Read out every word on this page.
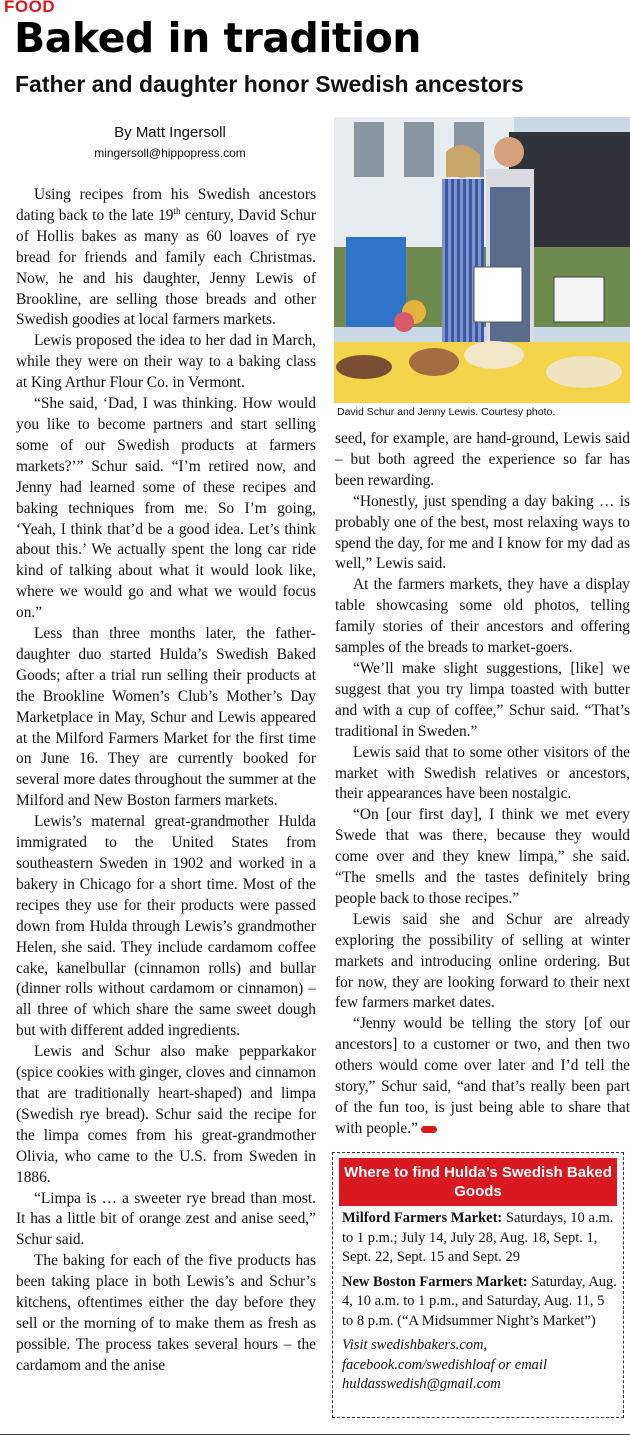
FOOD
Baked in tradition
Father and daughter honor Swedish ancestors
By Matt Ingersoll
mingersoll@hippopress.com

Using recipes from his Swedish ancestors dating back to the late 19th century, David Schur of Hollis bakes as many as 60 loaves of rye bread for friends and family each Christmas. Now, he and his daughter, Jenny Lewis of Brookline, are selling those breads and other Swedish goodies at local farmers markets.

Lewis proposed the idea to her dad in March, while they were on their way to a baking class at King Arthur Flour Co. in Vermont.

“She said, ‘Dad, I was thinking. How would you like to become partners and start selling some of our Swedish products at farmers markets?’” Schur said. “I’m retired now, and Jenny had learned some of these recipes and baking techniques from me. So I’m going, ‘Yeah, I think that’d be a good idea. Let’s think about this.’ We actually spent the long car ride kind of talking about what it would look like, where we would go and what we would focus on.”

Less than three months later, the father-daughter duo started Hulda’s Swedish Baked Goods; after a trial run selling their products at the Brookline Women’s Club’s Mother’s Day Marketplace in May, Schur and Lewis appeared at the Milford Farmers Market for the first time on June 16. They are currently booked for several more dates throughout the summer at the Milford and New Boston farmers markets.

Lewis’s maternal great-grandmother Hulda immigrated to the United States from southeastern Sweden in 1902 and worked in a bakery in Chicago for a short time. Most of the recipes they use for their products were passed down from Hulda through Lewis’s grandmother Helen, she said. They include cardamom coffee cake, kanelbullar (cinnamon rolls) and bullar (dinner rolls without cardamom or cinnamon) – all three of which share the same sweet dough but with different added ingredients.

Lewis and Schur also make pepparkakor (spice cookies with ginger, cloves and cinnamon that are traditionally heart-shaped) and limpa (Swedish rye bread). Schur said the recipe for the limpa comes from his great-grandmother Olivia, who came to the U.S. from Sweden in 1886.

“Limpa is … a sweeter rye bread than most. It has a little bit of orange zest and anise seed,” Schur said.

The baking for each of the five products has been taking place in both Lewis’s and Schur’s kitchens, oftentimes either the day before they sell or the morning of to make them as fresh as possible. The process takes several hours – the cardamom and the anise

David Schur and Jenny Lewis. Courtesy photo.

seed, for example, are hand-ground, Lewis said – but both agreed the experience so far has been rewarding.

“Honestly, just spending a day baking … is probably one of the best, most relaxing ways to spend the day, for me and I know for my dad as well,” Lewis said.

At the farmers markets, they have a display table showcasing some old photos, telling family stories of their ancestors and offering samples of the breads to market-goers.

“We’ll make slight suggestions, [like] we suggest that you try limpa toasted with butter and with a cup of coffee,” Schur said. “That’s traditional in Sweden.”

Lewis said that to some other visitors of the market with Swedish relatives or ancestors, their appearances have been nostalgic.

“On [our first day], I think we met every Swede that was there, because they would come over and they knew limpa,” she said. “The smells and the tastes definitely bring people back to those recipes.”

Lewis said she and Schur are already exploring the possibility of selling at winter markets and introducing online ordering. But for now, they are looking forward to their next few farmers market dates.

“Jenny would be telling the story [of our ancestors] to a customer or two, and then two others would come over later and I’d tell the story,” Schur said, “and that’s really been part of the fun too, is just being able to share that with people.”

Where to find Hulda’s Swedish Baked Goods

Milford Farmers Market: Saturdays, 10 a.m. to 1 p.m.; July 14, July 28, Aug. 18, Sept. 1, Sept. 22, Sept. 15 and Sept. 29

New Boston Farmers Market: Saturday, Aug. 4, 10 a.m. to 1 p.m., and Saturday, Aug. 11, 5 to 8 p.m. (“A Midsummer Night’s Market”)

Visit swedishbakers.com, facebook.com/swedishloaf or email huldasswedish@gmail.com
